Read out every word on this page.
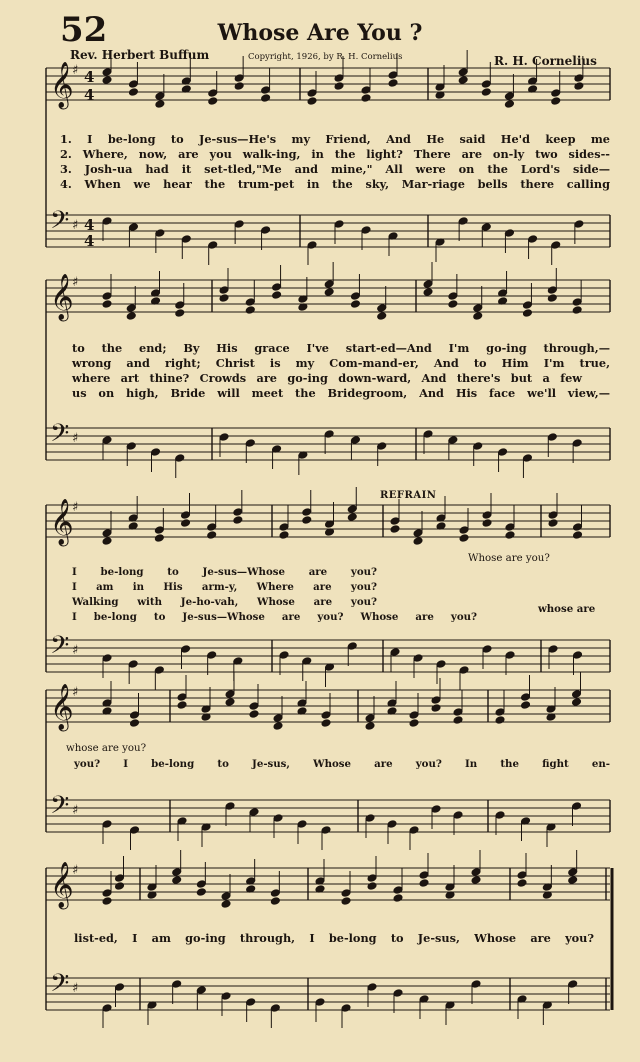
52	Whose Are You ?
Rev. Herbert Buffum	Copyright, 1926, by R. H. Cornelius	R. H. Cornelius
REFRAIN
𝄞
♯
𝄢 ♯
𝄞
♯
𝄢 ♯
𝄞
♯
𝄢 ♯
𝄞
♯
𝄢 ♯
𝄞
♯
𝄢 ♯
4
4
4
4
1. I be-long to Je-sus—He's my Friend, And He said He'd keep me
2. Where, now, are you walk-ing, in the light? There are on-ly two sides--
3. Josh-ua had it set-tled,"Me and mine," All were on the Lord's side—
4. When we hear the trum-pet in the sky, Mar-riage bells there calling
to the end; By His grace I've start-ed—And I'm go-ing through,—
wrong and right; Christ is my Com-mand-er, And to Him I'm true,
where art thine? Crowds are go-ing down-ward, And there's but a few
us on high, Bride will meet the Bridegroom, And His face we'll view,—
Whose are you?
I be-long to Je-sus—Whose are you?
I am in His arm-y, Where are you?
Walking with Je-ho-vah, Whose are you?
I be-long to Je-sus—Whose are you? Whose are you?
whose are
whose are you?
you? I be-long to Je-sus, Whose are you? In the fight en-
list-ed, I am go-ing through, I be-long to Je-sus, Whose are you?
